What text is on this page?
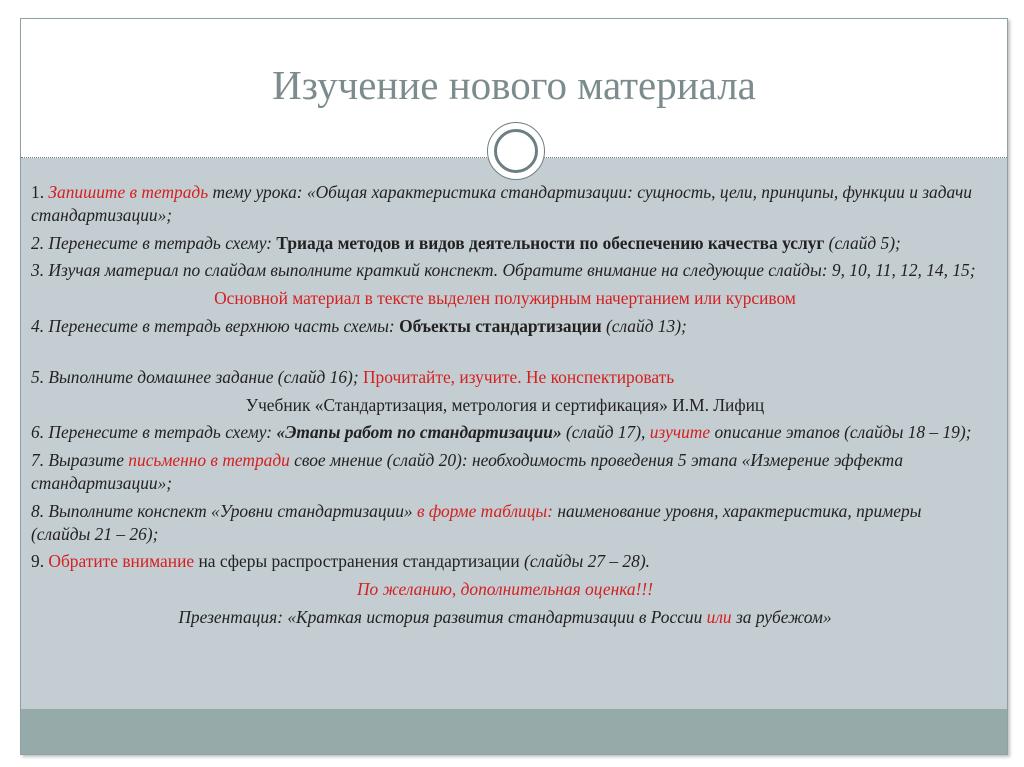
Изучение нового материала

1. Запишите в тетрадь тему урока: «Общая характеристика стандартизации: сущность, цели, принципы, функции и задачи стандартизации»;

2. Перенесите в тетрадь схему: Триада методов и видов деятельности по обеспечению качества услуг (слайд 5);

3. Изучая материал по слайдам выполните краткий конспект. Обратите внимание на следующие слайды: 9, 10, 11, 12, 14, 15;

Основной материал в тексте выделен полужирным начертанием или курсивом

4. Перенесите в тетрадь верхнюю часть схемы: Объекты стандартизации (слайд 13);

5. Выполните домашнее задание (слайд 16); Прочитайте, изучите. Не конспектировать

Учебник «Стандартизация, метрология и сертификация» И.М. Лифиц

6. Перенесите в тетрадь схему: «Этапы работ по стандартизации» (слайд 17), изучите описание этапов (слайды 18 – 19);

7. Выразите письменно в тетради свое мнение (слайд 20): необходимость проведения 5 этапа «Измерение эффекта стандартизации»;

8. Выполните конспект «Уровни стандартизации» в форме таблицы: наименование уровня, характеристика, примеры (слайды 21 – 26);

9. Обратите внимание на сферы распространения стандартизации (слайды 27 – 28).

По желанию, дополнительная оценка!!!

Презентация: «Краткая история развития стандартизации в России или за рубежом»
